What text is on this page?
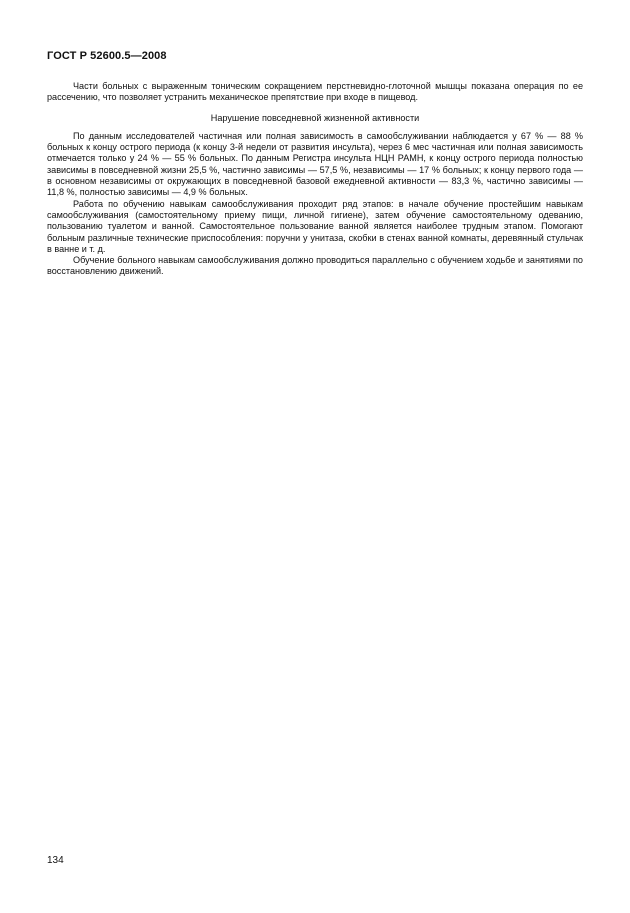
ГОСТ Р 52600.5—2008

Части больных с выраженным тоническим сокращением перстневидно-глоточной мышцы показана операция по ее рассечению, что позволяет устранить механическое препятствие при входе в пищевод.

Нарушение повседневной жизненной активности

По данным исследователей частичная или полная зависимость в самообслуживании наблюдается у 67 % — 88 % больных к концу острого периода (к концу 3-й недели от развития инсульта), через 6 мес частичная или полная зависимость отмечается только у 24 % — 55 % больных. По данным Регистра инсульта НЦН РАМН, к концу острого периода полностью зависимы в повседневной жизни 25,5 %, частично зависимы — 57,5 %, независимы — 17 % больных; к концу первого года — в основном независимы от окружающих в повседневной базовой ежедневной активности — 83,3 %, частично зависимы — 11,8 %, полностью зависимы — 4,9 % больных.

Работа по обучению навыкам самообслуживания проходит ряд этапов: в начале обучение простейшим навыкам самообслуживания (самостоятельному приему пищи, личной гигиене), затем обучение самостоятельному одеванию, пользованию туалетом и ванной. Самостоятельное пользование ванной является наиболее трудным этапом. Помогают больным различные технические приспособления: поручни у унитаза, скобки в стенах ванной комнаты, деревянный стульчак в ванне и т. д.

Обучение больного навыкам самообслуживания должно проводиться параллельно с обучением ходьбе и занятиями по восстановлению движений.

134
